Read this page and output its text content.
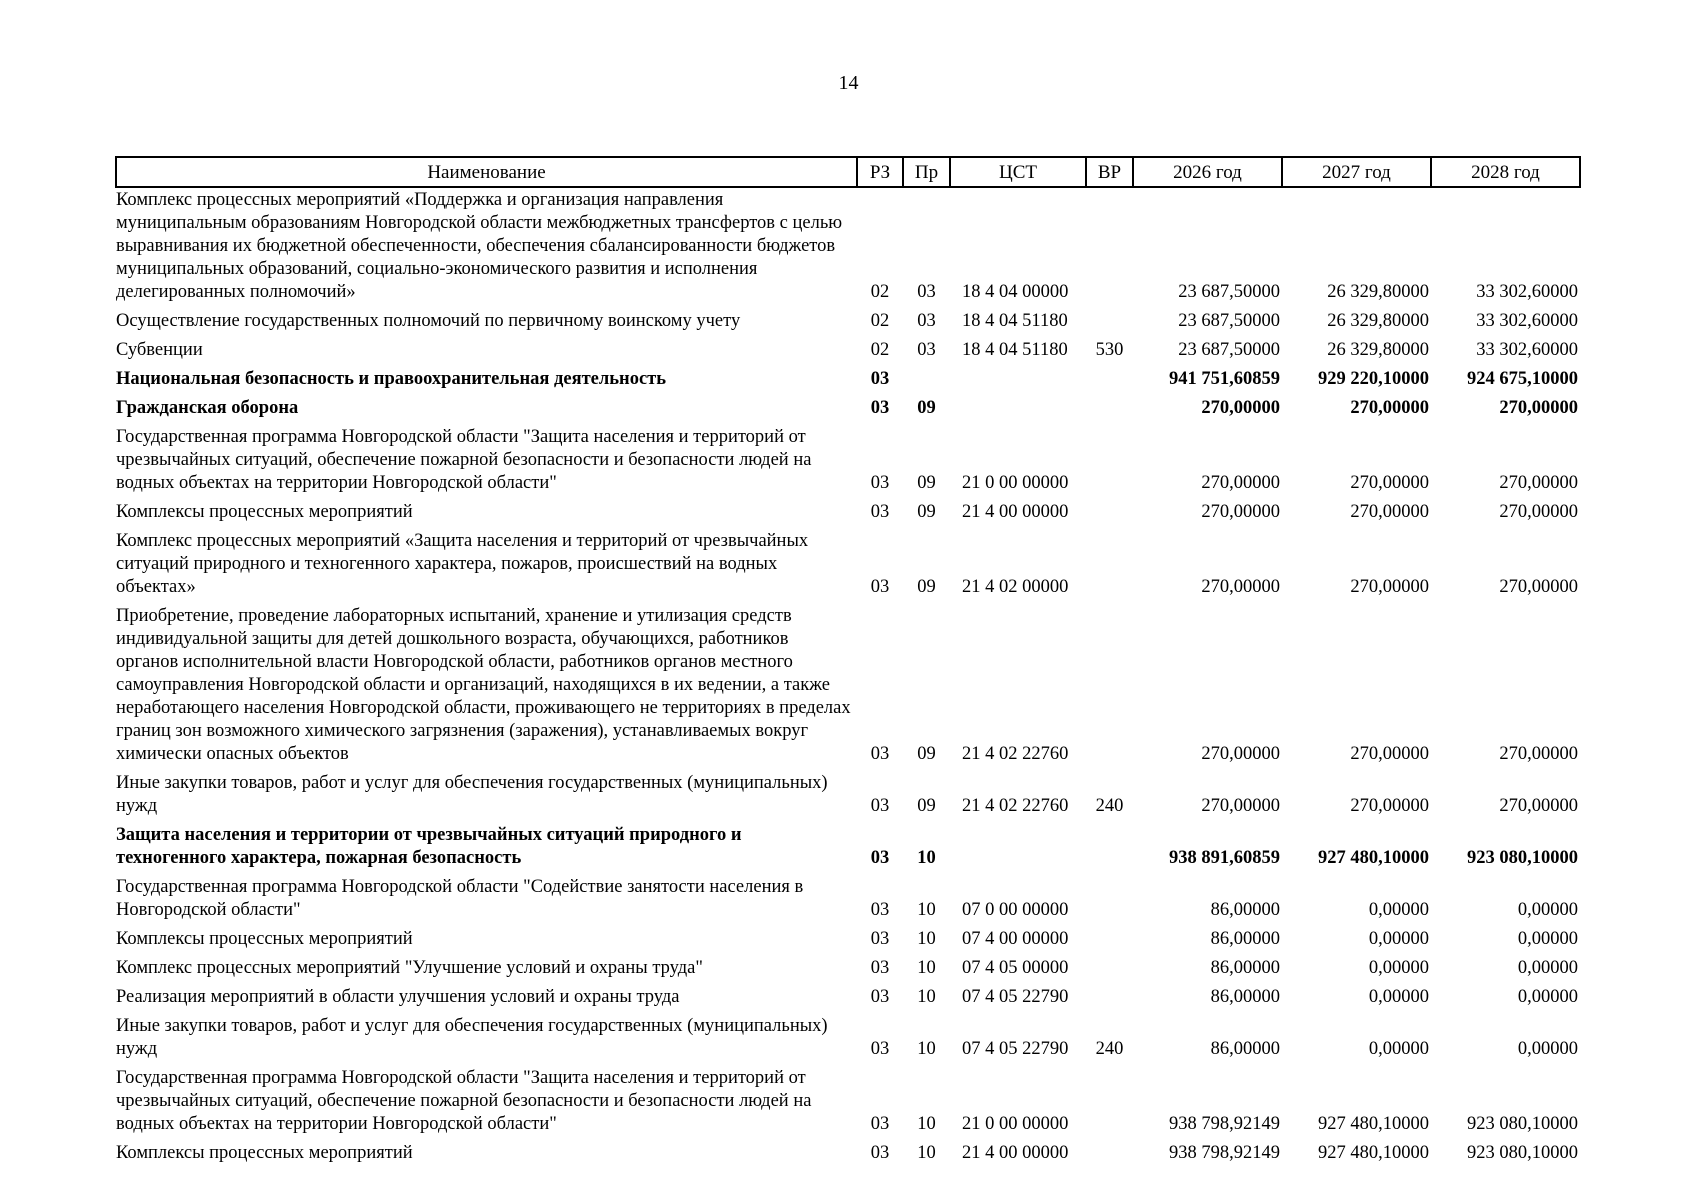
14
Наименование	РЗ	Пр	ЦСТ	ВР	2026 год	2027 год	2028 год
Комплекс процессных мероприятий «Поддержка и организация направления муниципальным образованиям Новгородской области межбюджетных трансфертов с целью выравнивания их бюджетной обеспеченности, обеспечения сбалансированности бюджетов муниципальных образований, социально-экономического развития и исполнения делегированных полномочий»	02	03	18 4 04 00000		23 687,50000	26 329,80000	33 302,60000
Осуществление государственных полномочий по первичному воинскому учету	02	03	18 4 04 51180		23 687,50000	26 329,80000	33 302,60000
Субвенции	02	03	18 4 04 51180	530	23 687,50000	26 329,80000	33 302,60000
Национальная безопасность и правоохранительная деятельность	03				941 751,60859	929 220,10000	924 675,10000
Гражданская оборона	03	09			270,00000	270,00000	270,00000
Государственная программа Новгородской области "Защита населения и территорий от чрезвычайных ситуаций, обеспечение пожарной безопасности и безопасности людей на водных объектах на территории Новгородской области"	03	09	21 0 00 00000		270,00000	270,00000	270,00000
Комплексы процессных мероприятий	03	09	21 4 00 00000		270,00000	270,00000	270,00000
Комплекс процессных мероприятий «Защита населения и территорий от чрезвычайных ситуаций природного и техногенного характера, пожаров, происшествий на водных объектах»	03	09	21 4 02 00000		270,00000	270,00000	270,00000
Приобретение, проведение лабораторных испытаний, хранение и утилизация средств индивидуальной защиты для детей дошкольного возраста, обучающихся, работников органов исполнительной власти Новгородской области, работников органов местного самоуправления Новгородской области и организаций, находящихся в их ведении, а также неработающего населения Новгородской области, проживающего не территориях в пределах границ зон возможного химического загрязнения (заражения), устанавливаемых вокруг химически опасных объектов	03	09	21 4 02 22760		270,00000	270,00000	270,00000
Иные закупки товаров, работ и услуг для обеспечения государственных (муниципальных) нужд	03	09	21 4 02 22760	240	270,00000	270,00000	270,00000
Защита населения и территории от чрезвычайных ситуаций природного и техногенного характера, пожарная безопасность	03	10			938 891,60859	927 480,10000	923 080,10000
Государственная программа Новгородской области "Содействие занятости населения в Новгородской области"	03	10	07 0 00 00000		86,00000	0,00000	0,00000
Комплексы процессных мероприятий	03	10	07 4 00 00000		86,00000	0,00000	0,00000
Комплекс процессных мероприятий "Улучшение условий и охраны труда"	03	10	07 4 05 00000		86,00000	0,00000	0,00000
Реализация мероприятий в области улучшения условий и охраны труда	03	10	07 4 05 22790		86,00000	0,00000	0,00000
Иные закупки товаров, работ и услуг для обеспечения государственных (муниципальных) нужд	03	10	07 4 05 22790	240	86,00000	0,00000	0,00000
Государственная программа Новгородской области "Защита населения и территорий от чрезвычайных ситуаций, обеспечение пожарной безопасности и безопасности людей на водных объектах на территории Новгородской области"	03	10	21 0 00 00000		938 798,92149	927 480,10000	923 080,10000
Комплексы процессных мероприятий	03	10	21 4 00 00000		938 798,92149	927 480,10000	923 080,10000
